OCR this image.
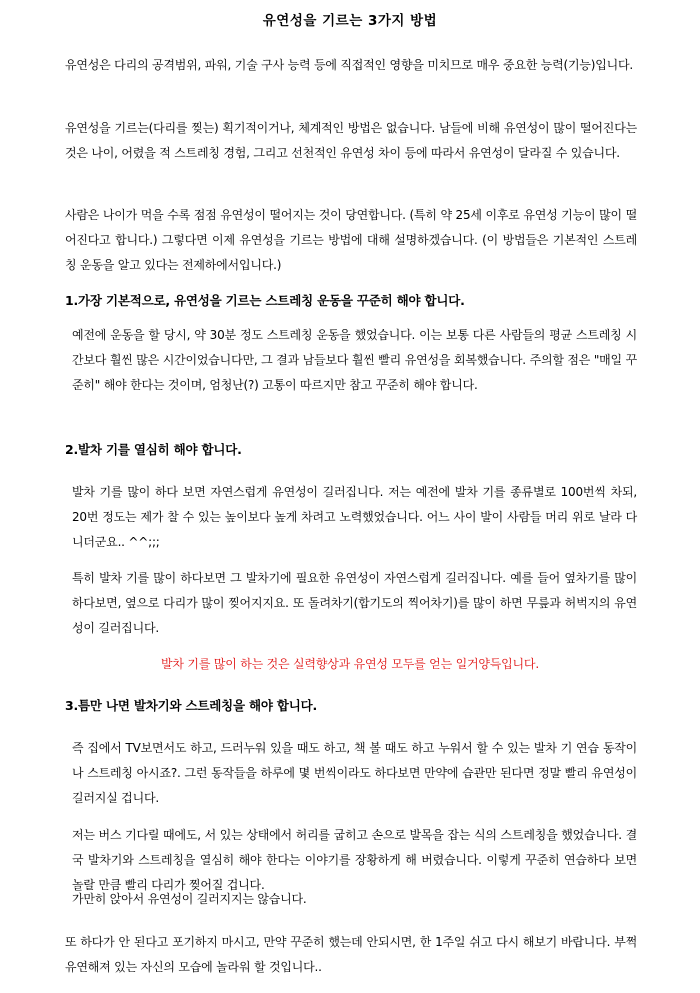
유연성을 기르는 3가지 방법

유연성은 다리의 공격범위, 파워, 기술 구사 능력 등에 직접적인 영향을 미치므로 매우 중요한 능력(기능)입니다.

유연성을 기르는(다리를 찢는) 획기적이거나, 체계적인 방법은 없습니다. 남들에 비해 유연성이 많이 떨어진다는 것은 나이, 어렸을 적 스트레칭 경험, 그리고 선천적인 유연성 차이 등에 따라서 유연성이 달라질 수 있습니다.

사람은 나이가 먹을 수록 점점 유연성이 떨어지는 것이 당연합니다. (특히 약 25세 이후로 유연성 기능이 많이 떨어진다고 합니다.) 그렇다면 이제 유연성을 기르는 방법에 대해 설명하겠습니다. (이 방법들은 기본적인 스트레칭 운동을 알고 있다는 전제하에서입니다.)

1.가장 기본적으로, 유연성을 기르는 스트레칭 운동을 꾸준히 해야 합니다.

예전에 운동을 할 당시, 약 30분 정도 스트레칭 운동을 했었습니다. 이는 보통 다른 사람들의 평균 스트레칭 시간보다 훨씬 많은 시간이었습니다만, 그 결과 남들보다 훨씬 빨리 유연성을 회복했습니다. 주의할 점은 "매일 꾸준히" 해야 한다는 것이며, 엄청난(?) 고통이 따르지만 참고 꾸준히 해야 합니다.

2.발차 기를 열심히 해야 합니다.

발차 기를 많이 하다 보면 자연스럽게 유연성이 길러집니다. 저는 예전에 발차 기를 종류별로 100번씩 차되, 20번 정도는 제가 찰 수 있는 높이보다 높게 차려고 노력했었습니다. 어느 사이 발이 사람들 머리 위로 날라 다니더군요.. ^^;;;

특히 발차 기를 많이 하다보면 그 발차기에 필요한 유연성이 자연스럽게 길러집니다. 예를 들어 옆차기를 많이 하다보면, 옆으로 다리가 많이 찢어지지요. 또 돌려차기(합기도의 찍어차기)를 많이 하면 무릎과 허벅지의 유연성이 길러집니다.

발차 기를 많이 하는 것은 실력향상과 유연성 모두를 얻는 일거양득입니다.

3.틈만 나면 발차기와 스트레칭을 해야 합니다.

즉 집에서 TV보면서도 하고, 드러누워 있을 때도 하고, 책 볼 때도 하고 누워서 할 수 있는 발차 기 연습 동작이나 스트레칭 아시죠?. 그런 동작들을 하루에 몇 번씩이라도 하다보면 만약에 습관만 된다면 정말 빨리 유연성이 길러지실 겁니다.

저는 버스 기다릴 때에도, 서 있는 상태에서 허리를 굽히고 손으로 발목을 잡는 식의 스트레칭을 했었습니다. 결국 발차기와 스트레칭을 열심히 해야 한다는 이야기를 장황하게 해 버렸습니다. 이렇게 꾸준히 연습하다 보면 놀랄 만큼 빨리 다리가 찢어질 겁니다.

가만히 앉아서 유연성이 길러지지는 않습니다.

또 하다가 안 된다고 포기하지 마시고, 만약 꾸준히 했는데 안되시면, 한 1주일 쉬고 다시 해보기 바랍니다. 부쩍 유연해져 있는 자신의 모습에 놀라워 할 것입니다..
